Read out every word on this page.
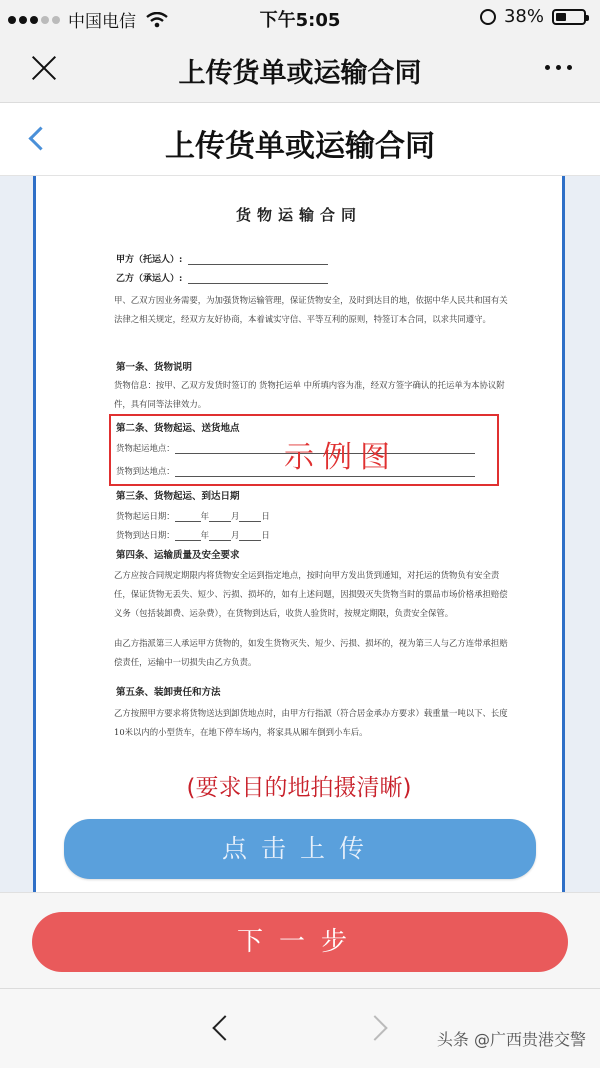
中国电信	下午5:05	38%
上传货单或运输合同
上传货单或运输合同
货物运输合同
甲方（托运人）:
乙方（承运人）:
甲、乙双方因业务需要，为加强货物运输管理，保证货物安全，及时到达目的地，依据中华人民共和国有关法律之相关规定，经双方友好协商，本着诚实守信、平等互利的原则，特签订本合同，以求共同遵守。
第一条、货物说明
货物信息：按甲、乙双方发货时签订的 货物托运单 中所填内容为准，经双方签字确认的托运单为本协议附件，具有同等法律效力。
第二条、货物起运、送货地点
货物起运地点：
货物到达地点：	示例图
第三条、货物起运、到达日期
货物起运日期：	年	月	日
货物到达日期：	年	月	日
第四条、运输质量及安全要求
乙方应按合同规定期限内将货物安全运到指定地点，按时向甲方发出货到通知，对托运的货物负有安全责任，保证货物无丢失、短少、污损、损坏的，如有上述问题，因损毁灭失货物当时的票品市场价格承担赔偿义务（包括装卸费、运杂费），在货物到达后，收货人验货时，按规定期限，负责安全保管。
由乙方指派第三人承运甲方货物的，如发生货物灭失、短少、污损、损坏的，视为第三人与乙方连带承担赔偿责任，运输中一切损失由乙方负责。
第五条、装卸责任和方法
乙方按照甲方要求将货物送达到卸货地点时，由甲方行指派（符合居金承办方要求）载重量一吨以下、长度10米以内的小型货车，在地下停车场内，将家具从厢车倒到小车后。
(要求目的地拍摄清晰)
点击上传
下一步
头条 @广西贵港交警
